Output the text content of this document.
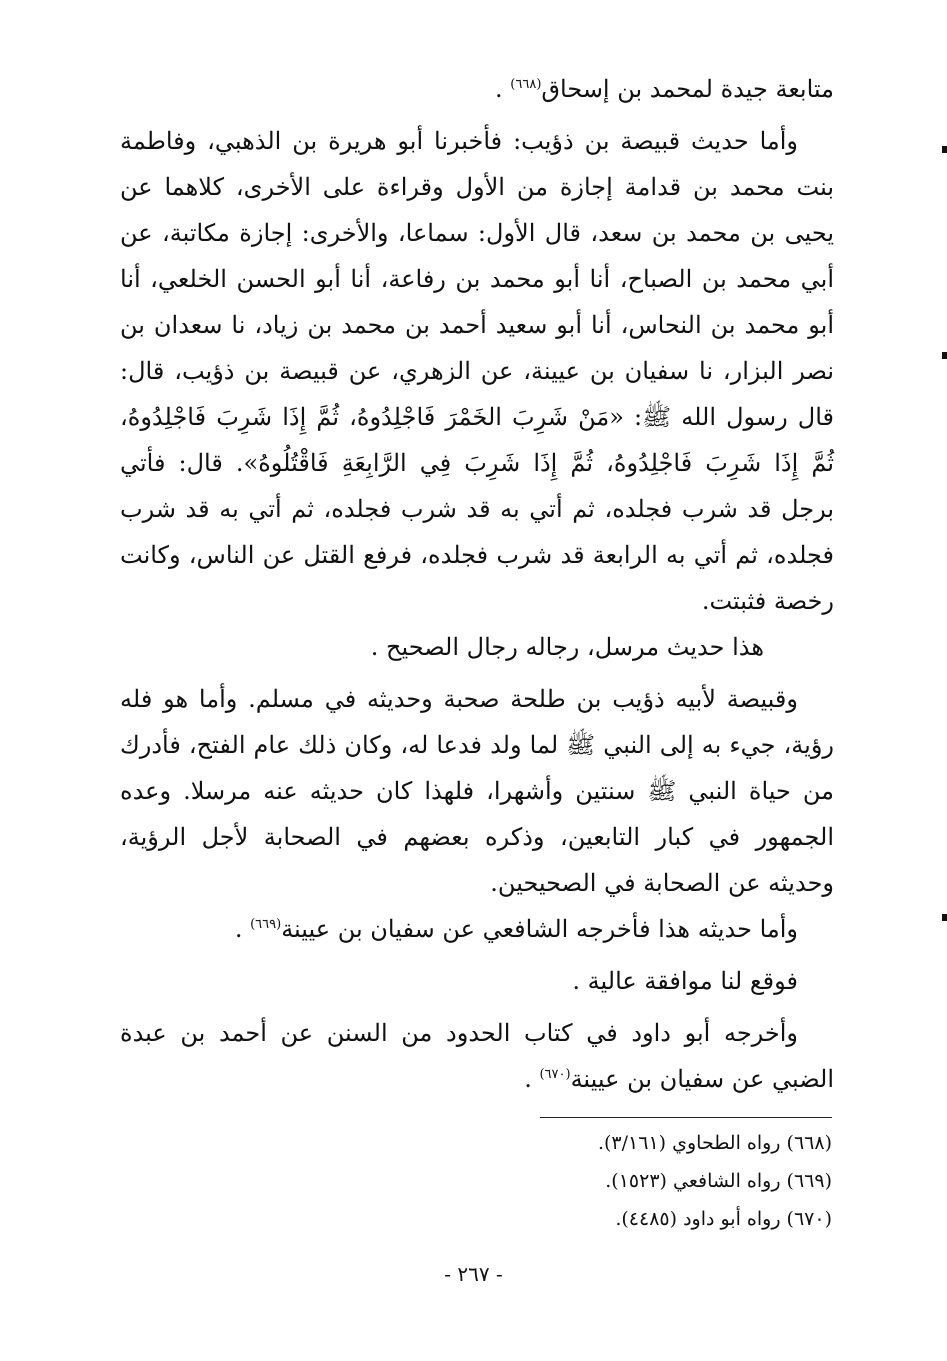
متابعة جيدة لمحمد بن إسحاق$^{(٦٦٨)}$ .

وأما حديث قبيصة بن ذؤيب: فأخبرنا أبو هريرة بن الذهبي، وفاطمة بنت محمد بن قدامة إجازة من الأول وقراءة على الأخرى، كلاهما عن يحيى بن محمد بن سعد، قال الأول: سماعا، والأخرى: إجازة مكاتبة، عن أبي محمد بن الصباح، أنا أبو محمد بن رفاعة، أنا أبو الحسن الخلعي، أنا أبو محمد بن النحاس، أنا أبو سعيد أحمد بن محمد بن زياد، نا سعدان بن نصر البزار، نا سفيان بن عيينة، عن الزهري، عن قبيصة بن ذؤيب، قال: قال رسول الله ﷺ: «مَنْ شَرِبَ الخَمْرَ فَاجْلِدُوهُ، ثُمَّ إِذَا شَرِبَ فَاجْلِدُوهُ، ثُمَّ إِذَا شَرِبَ فَاجْلِدُوهُ، ثُمَّ إِذَا شَرِبَ فِي الرَّابِعَةِ فَاقْتُلُوهُ». قال: فأتي برجل قد شرب فجلده، ثم أتي به قد شرب فجلده، ثم أتي به قد شرب فجلده، ثم أتي به الرابعة قد شرب فجلده، فرفع القتل عن الناس، وكانت رخصة فثبتت.

هذا حديث مرسل، رجاله رجال الصحيح .

وقبيصة لأبيه ذؤيب بن طلحة صحبة وحديثه في مسلم. وأما هو فله رؤية، جيء به إلى النبي ﷺ لما ولد فدعا له، وكان ذلك عام الفتح، فأدرك من حياة النبي ﷺ سنتين وأشهرا، فلهذا كان حديثه عنه مرسلا. وعده الجمهور في كبار التابعين، وذكره بعضهم في الصحابة لأجل الرؤية، وحديثه عن الصحابة في الصحيحين.

وأما حديثه هذا فأخرجه الشافعي عن سفيان بن عيينة$^{(٦٦٩)}$ .

فوقع لنا موافقة عالية .

وأخرجه أبو داود في كتاب الحدود من السنن عن أحمد بن عبدة الضبي عن سفيان بن عيينة$^{(٦٧٠)}$ .

(٦٦٨) رواه الطحاوي (٣/١٦١).

(٦٦٩) رواه الشافعي (١٥٢٣).

(٦٧٠) رواه أبو داود (٤٤٨٥).

- ٢٦٧ -
